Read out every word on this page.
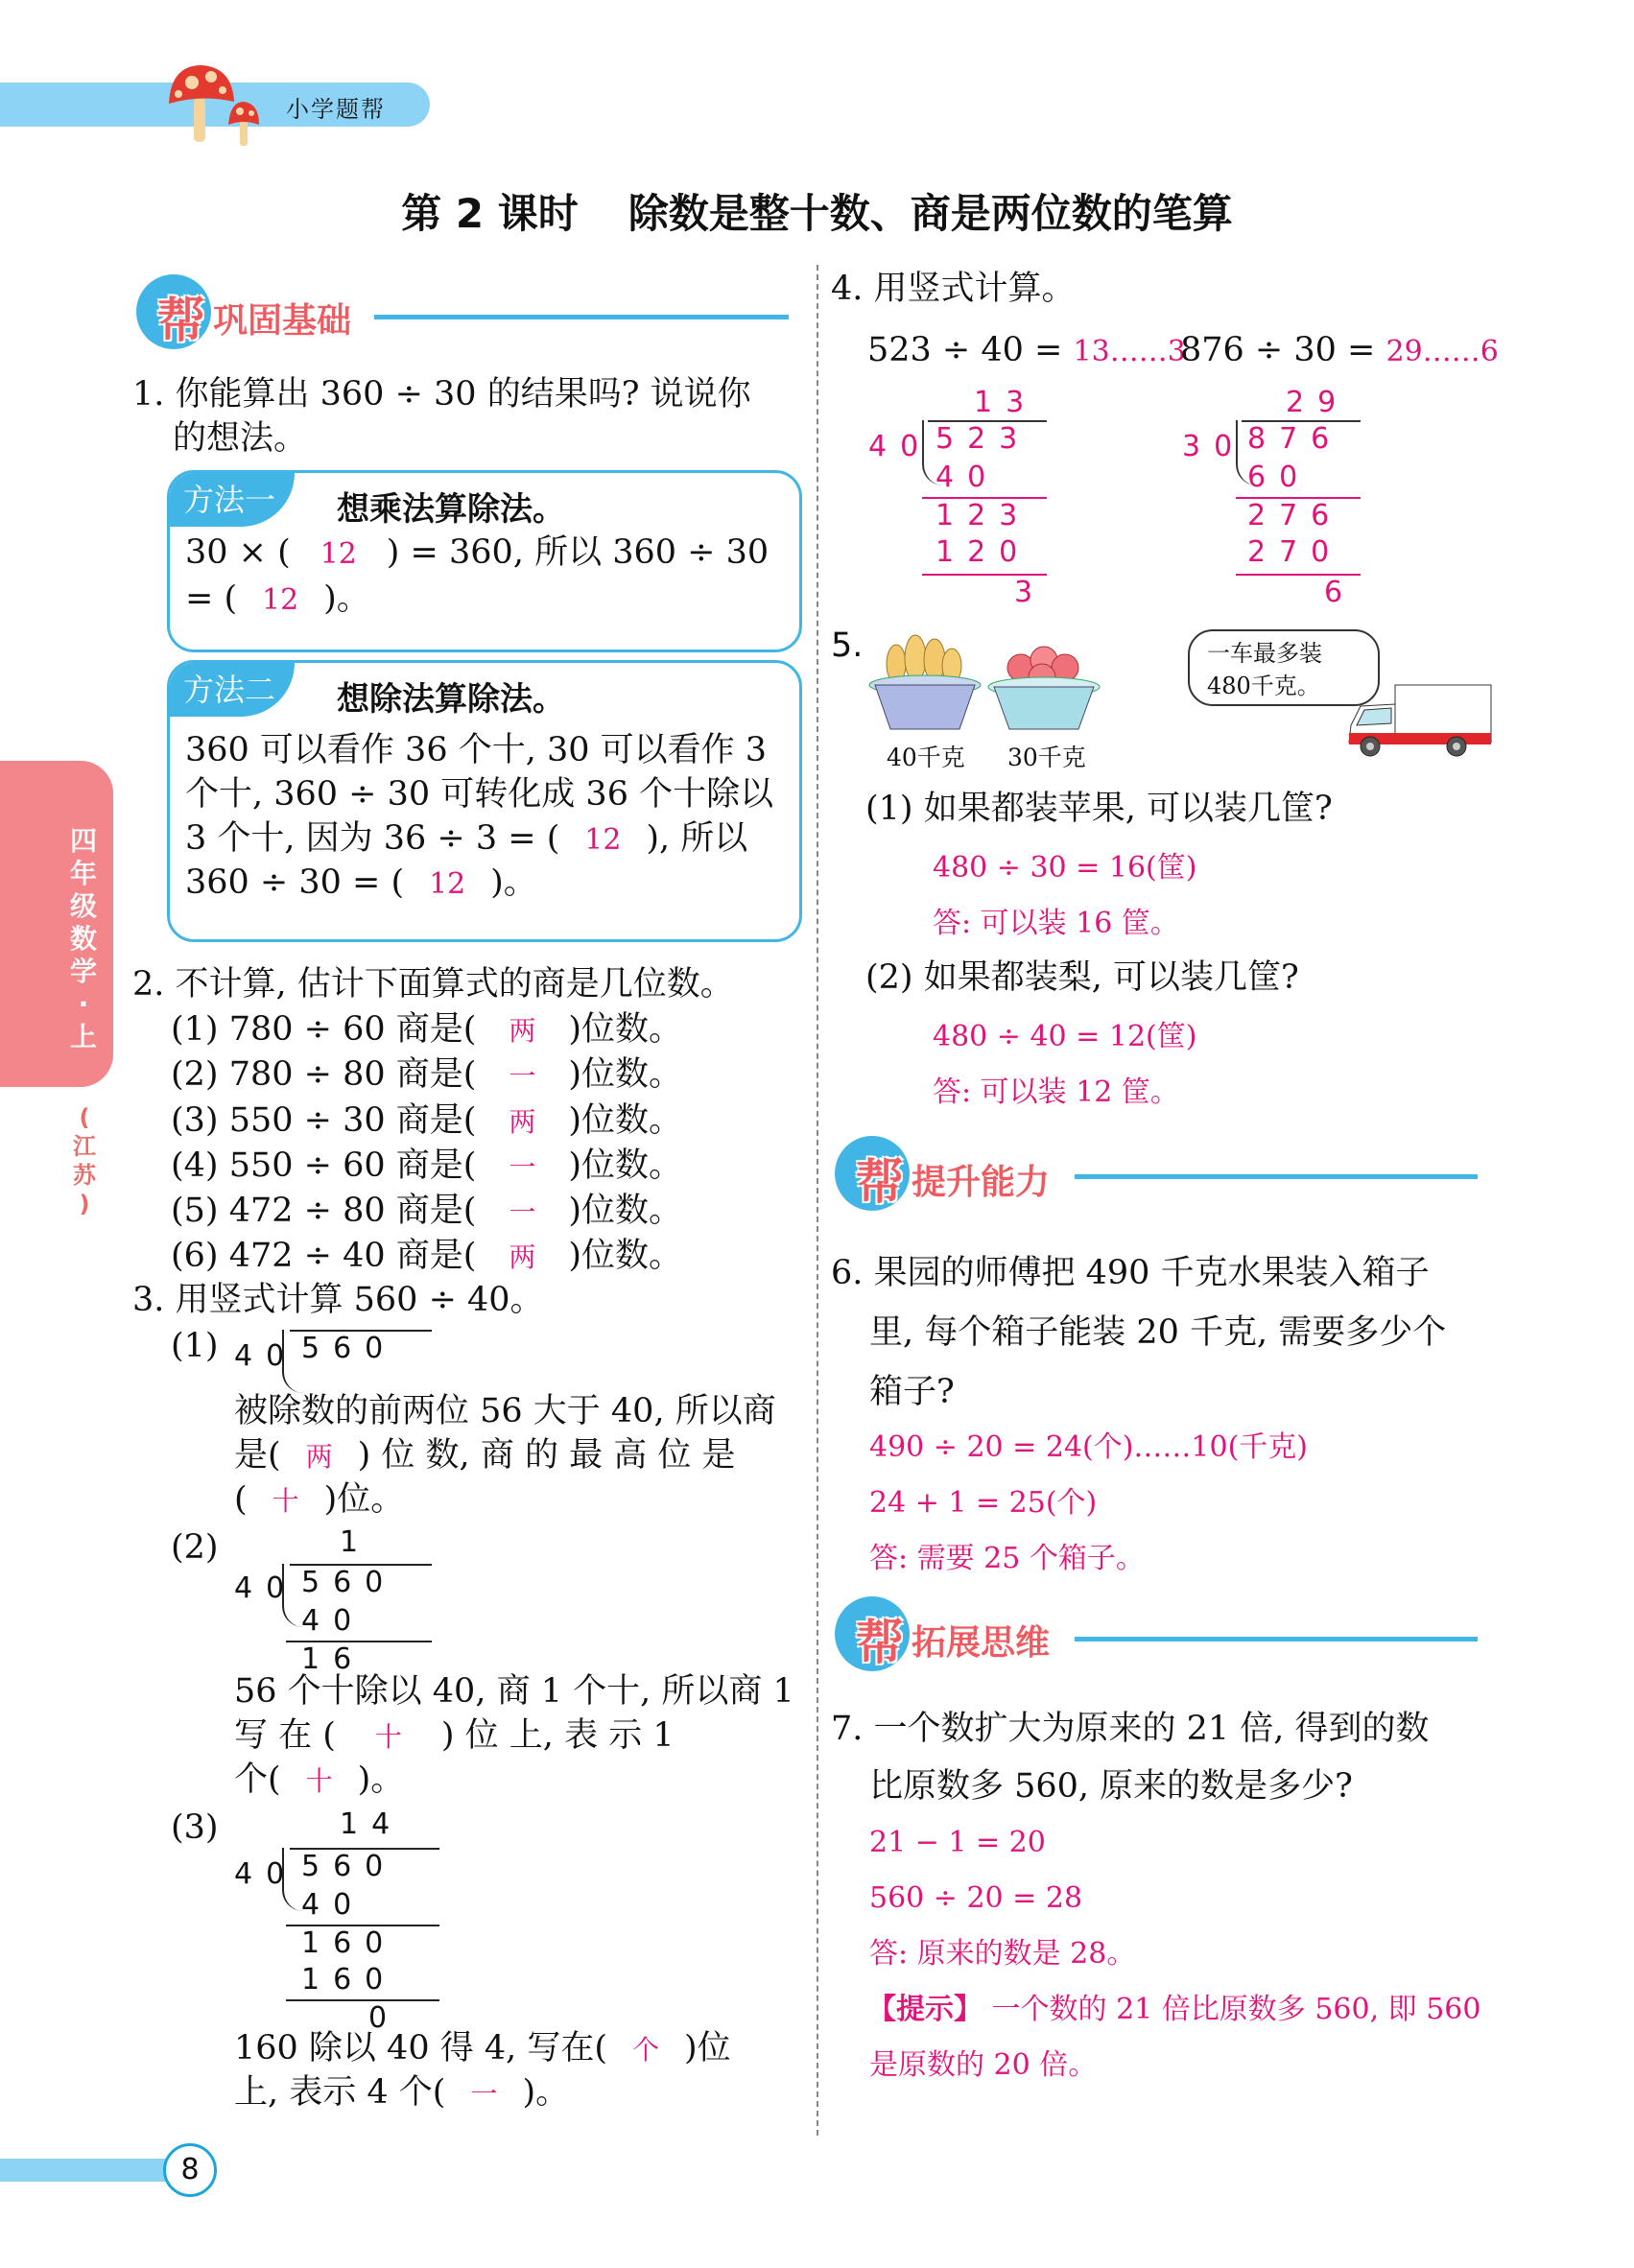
小学题帮
第 2 课时 除数是整十数、商是两位数的笔算
四
年
级
数
学
·
上
(
江
苏
)
帮 巩固基础
1. 你能算出 360 ÷ 30 的结果吗? 说说你
的想法。
方法一	想乘法算除法。
30 × ( 12 ) = 360, 所以 360 ÷ 30
= ( 12 )。
方法二	想除法算除法。
360 可以看作 36 个十, 30 可以看作 3
个十, 360 ÷ 30 可转化成 36 个十除以
3 个十, 因为 36 ÷ 3 = ( 12 ), 所以
360 ÷ 30 = ( 12 )。
2. 不计算, 估计下面算式的商是几位数。
(1) 780 ÷ 60 商是( 两 )位数。
(2) 780 ÷ 80 商是( 一 )位数。
(3) 550 ÷ 30 商是( 两 )位数。
(4) 550 ÷ 60 商是( 一 )位数。
(5) 472 ÷ 80 商是( 一 )位数。
(6) 472 ÷ 40 商是( 两 )位数。
3. 用竖式计算 560 ÷ 40。
(1) 40 560
被除数的前两位 56 大于 40, 所以商
是( 两 ) 位 数, 商 的 最 高 位 是
( 十 )位。
(2)	1
40 560
40
16
56 个十除以 40, 商 1 个十, 所以商 1
写 在 ( 十 ) 位 上, 表 示 1
个( 十 )。
(3)	14
40 560
40
160
160
0
160 除以 40 得 4, 写在( 个 )位
上, 表示 4 个( 一 )。
4. 用竖式计算。
523 ÷ 40 = 13……3
876 ÷ 30 = 29……6
13
40 523
40
123
120
3
29
30 876
60
276
270
6
5.
40千克 30千克
一车最多装
480千克。
(1) 如果都装苹果, 可以装几筐?
480 ÷ 30 = 16(筐)
答: 可以装 16 筐。
(2) 如果都装梨, 可以装几筐?
480 ÷ 40 = 12(筐)
答: 可以装 12 筐。
帮 提升能力
6. 果园的师傅把 490 千克水果装入箱子
里, 每个箱子能装 20 千克, 需要多少个
箱子?
490 ÷ 20 = 24(个)……10(千克)
24 + 1 = 25(个)
答: 需要 25 个箱子。
帮 拓展思维
7. 一个数扩大为原来的 21 倍, 得到的数
比原数多 560, 原来的数是多少?
21 − 1 = 20
560 ÷ 20 = 28
答: 原来的数是 28。
【提示】 一个数的 21 倍比原数多 560, 即 560
是原数的 20 倍。
8
